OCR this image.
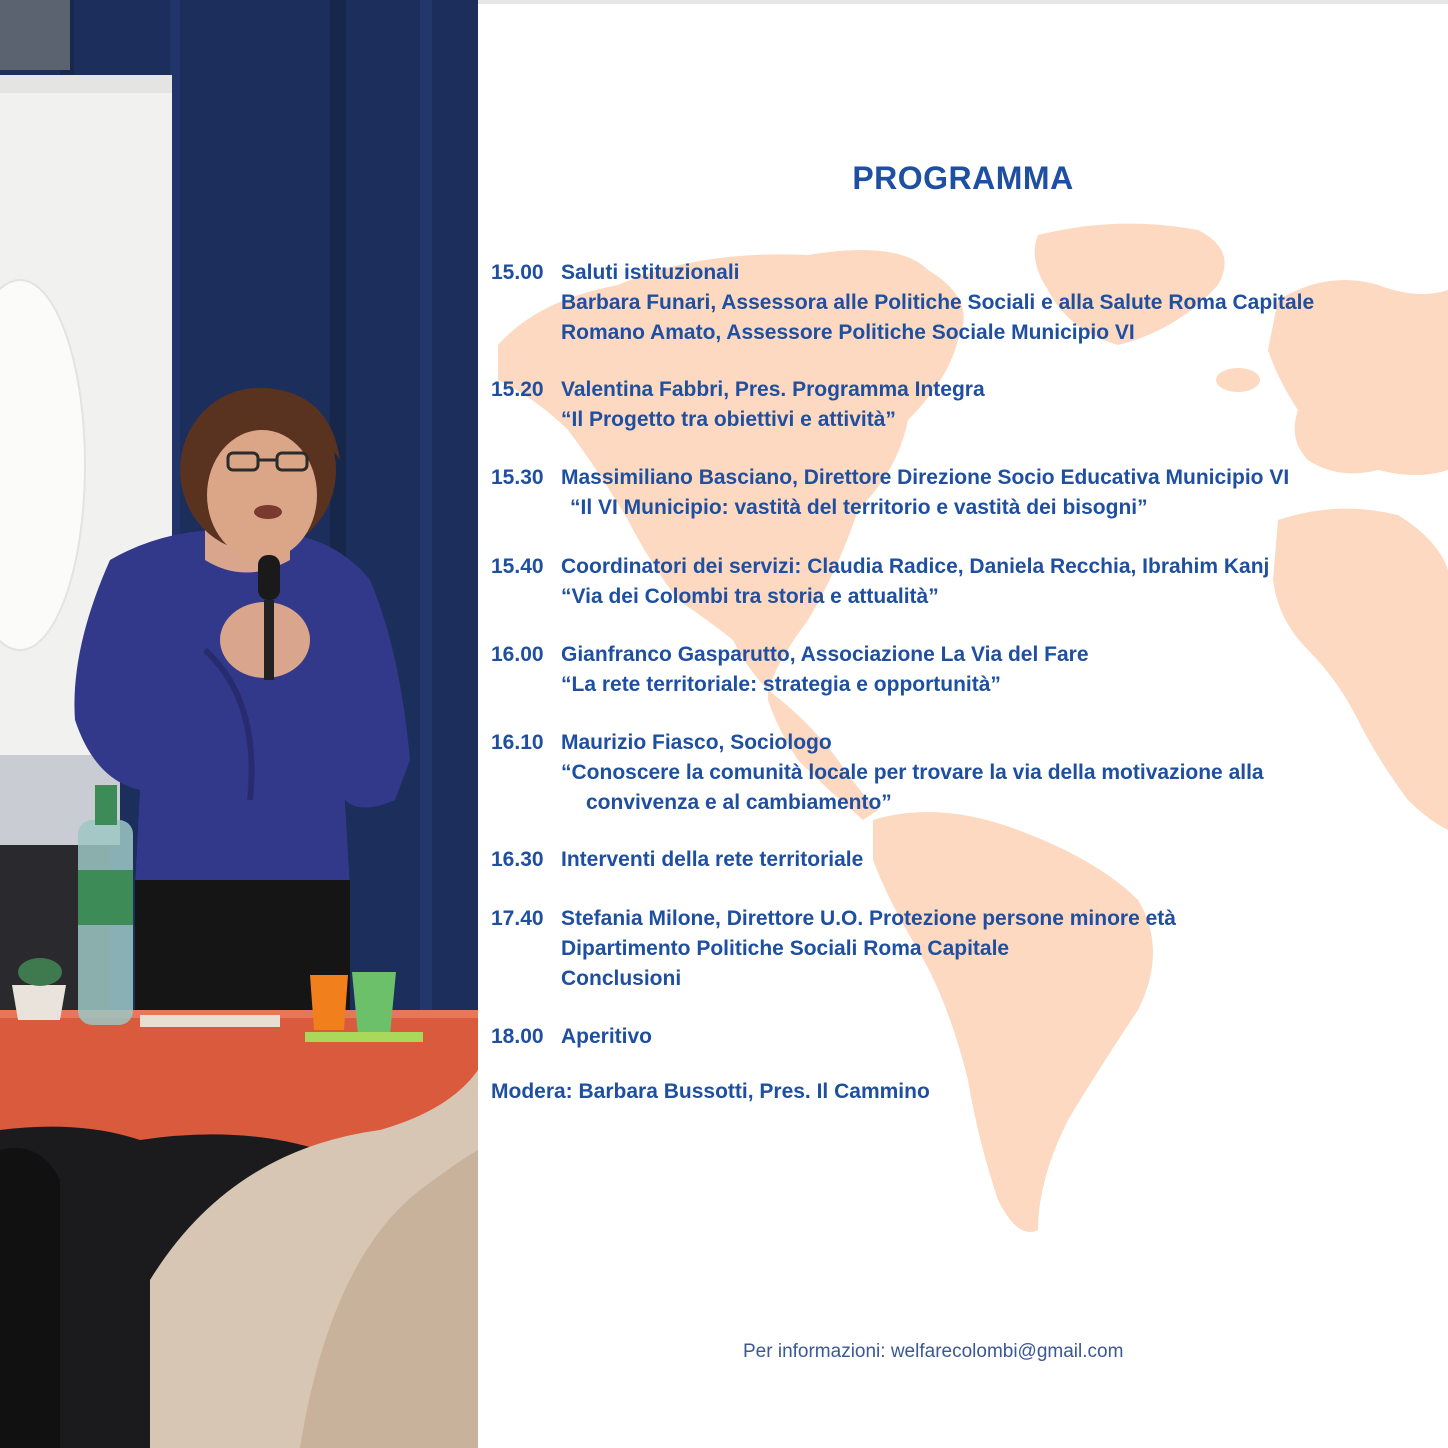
PROGRAMMA
15.00 Saluti istituzionali
Barbara Funari, Assessora alle Politiche Sociali e alla Salute Roma Capitale
Romano Amato, Assessore Politiche Sociale Municipio VI
15.20 Valentina Fabbri, Pres. Programma Integra
“Il Progetto tra obiettivi e attività”
15.30 Massimiliano Basciano, Direttore Direzione Socio Educativa Municipio VI
“Il VI Municipio: vastità del territorio e vastità dei bisogni”
15.40 Coordinatori dei servizi: Claudia Radice, Daniela Recchia, Ibrahim Kanj
“Via dei Colombi tra storia e attualità”
16.00 Gianfranco Gasparutto, Associazione La Via del Fare
“La rete territoriale: strategia e opportunità”
16.10 Maurizio Fiasco, Sociologo
“Conoscere la comunità locale per trovare la via della motivazione alla
convivenza e al cambiamento”
16.30 Interventi della rete territoriale
17.40 Stefania Milone, Direttore U.O. Protezione persone minore età
Dipartimento Politiche Sociali Roma Capitale
Conclusioni
18.00 Aperitivo
Modera: Barbara Bussotti, Pres. Il Cammino
Per informazioni: welfarecolombi@gmail.com
